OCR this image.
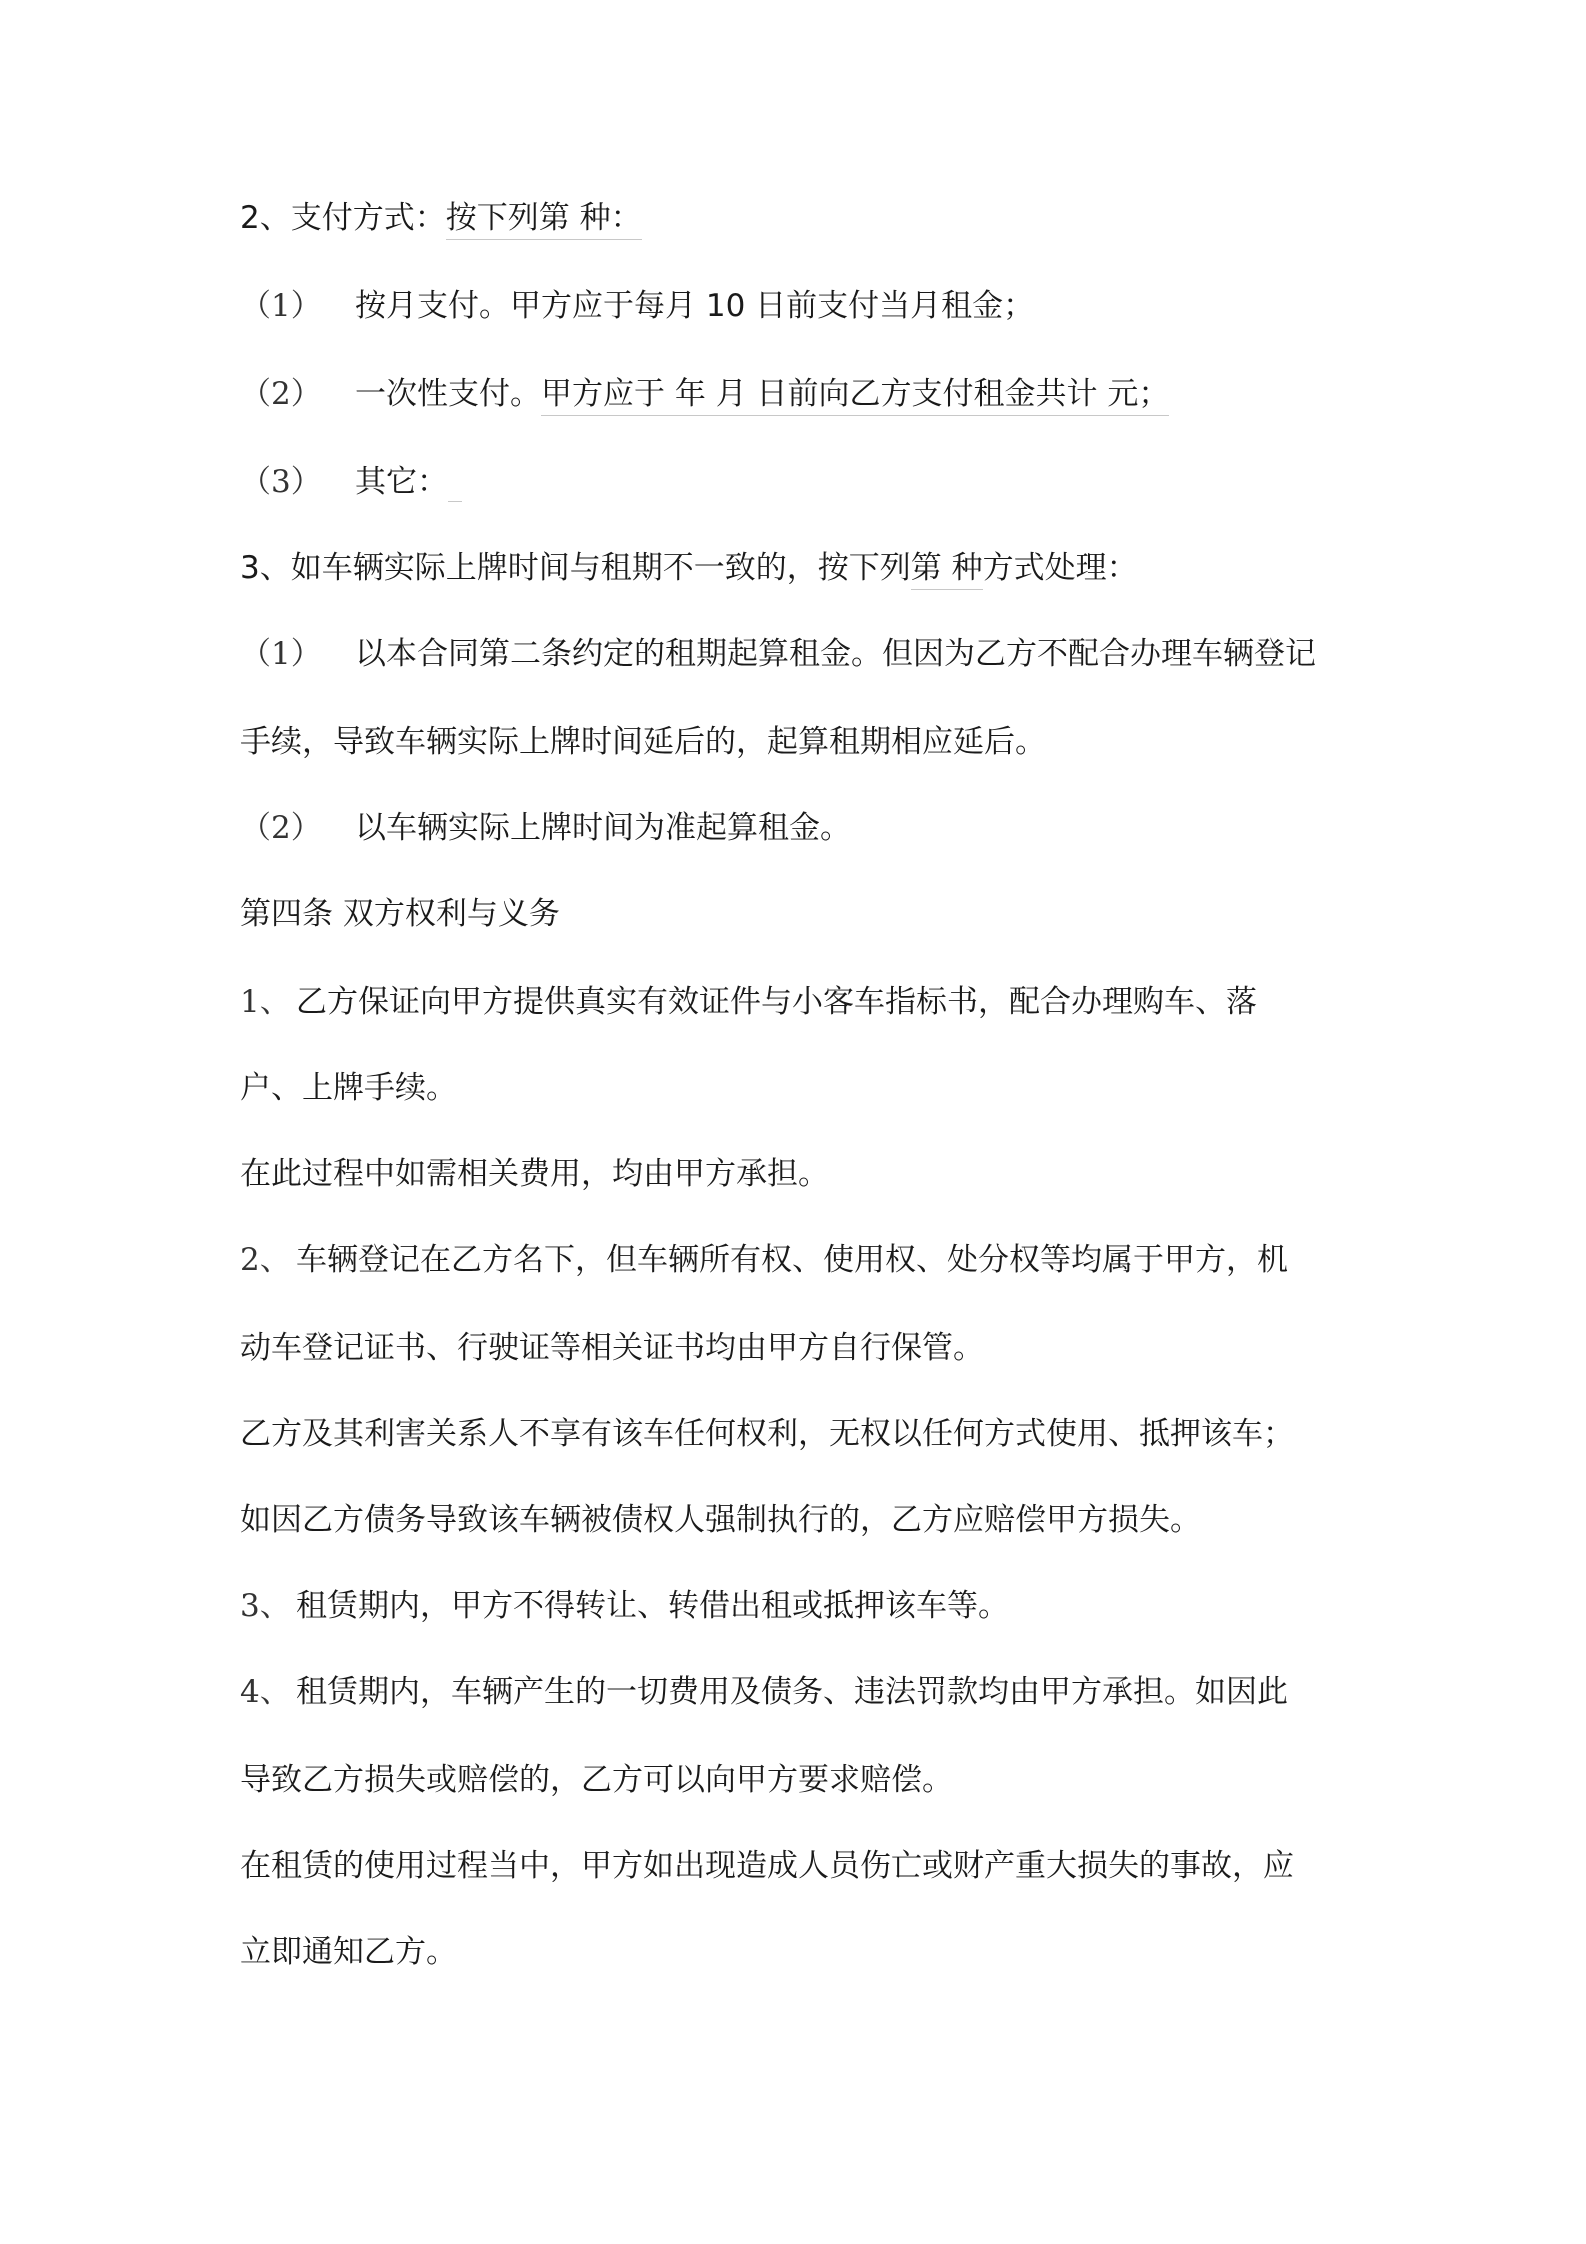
2、支付方式：按下列第 种：
（1） 按月支付。甲方应于每月 10 日前支付当月租金；
（2） 一次性支付。甲方应于 年 月 日前向乙方支付租金共计 元；
（3） 其它：
3、如车辆实际上牌时间与租期不一致的，按下列第 种方式处理：
（1） 以本合同第二条约定的租期起算租金。但因为乙方不配合办理车辆登记
手续，导致车辆实际上牌时间延后的，起算租期相应延后。
（2） 以车辆实际上牌时间为准起算租金。
第四条 双方权利与义务
1、 乙方保证向甲方提供真实有效证件与小客车指标书，配合办理购车、落
户、上牌手续。
在此过程中如需相关费用，均由甲方承担。
2、 车辆登记在乙方名下，但车辆所有权、使用权、处分权等均属于甲方，机
动车登记证书、行驶证等相关证书均由甲方自行保管。
乙方及其利害关系人不享有该车任何权利，无权以任何方式使用、抵押该车；
如因乙方债务导致该车辆被债权人强制执行的，乙方应赔偿甲方损失。
3、 租赁期内，甲方不得转让、转借出租或抵押该车等。
4、 租赁期内，车辆产生的一切费用及债务、违法罚款均由甲方承担。如因此
导致乙方损失或赔偿的，乙方可以向甲方要求赔偿。
在租赁的使用过程当中，甲方如出现造成人员伤亡或财产重大损失的事故，应
立即通知乙方。
